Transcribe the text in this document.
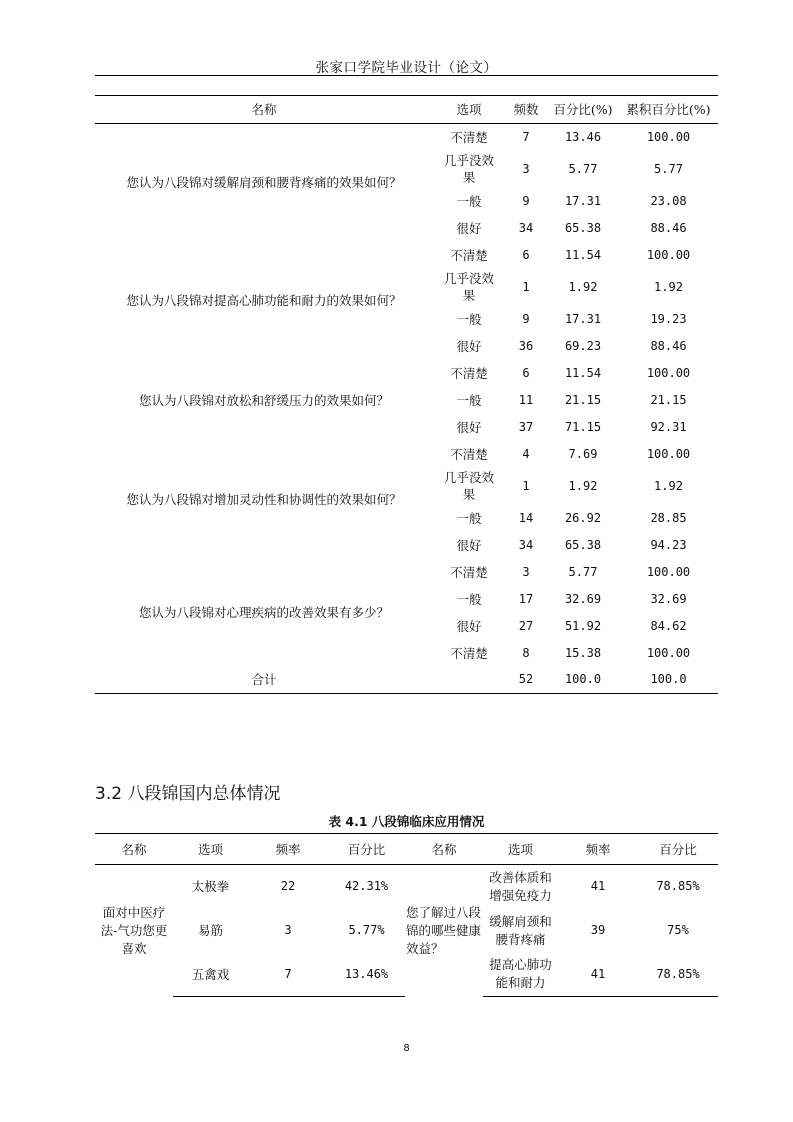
张家口学院毕业设计（论文）
名称	选项	频数	百分比(%)	累积百分比(%)
您认为八段锦对缓解肩颈和腰背疼痛的效果如何？	不清楚	7	13.46	100.00

	几乎没效果	3	5.77	5.77
	一般	9	17.31	23.08
	很好	34	65.38	88.46
您认为八段锦对提高心肺功能和耐力的效果如何？	不清楚	6	11.54	100.00

	几乎没效果	1	1.92	1.92
	一般	9	17.31	19.23
	很好	36	69.23	88.46
您认为八段锦对放松和舒缓压力的效果如何？	不清楚	6	11.54	100.00
	一般	11	21.15	21.15
	很好	37	71.15	92.31
您认为八段锦对增加灵动性和协调性的效果如何？	不清楚	4	7.69	100.00

	几乎没效果	1	1.92	1.92
	一般	14	26.92	28.85
	很好	34	65.38	94.23
您认为八段锦对心理疾病的改善效果有多少？	不清楚	3	5.77	100.00
	一般	17	32.69	32.69
	很好	27	51.92	84.62
	不清楚	8	15.38	100.00
合计		52	100.0	100.0
3.2 八段锦国内总体情况
表 4.1 八段锦临床应用情况
名称	选项	频率	百分比	名称	选项	频率	百分比

面对中医疗法-气功您更喜欢	太极拳	22	42.31%	您了解过八段锦的哪些健康效益？	改善体质和增强免疫力	41	78.85%
	易筋	3	5.77%		缓解肩颈和腰背疼痛	39	75%
	五禽戏	7	13.46%		提高心肺功能和耐力	41	78.85%
8
